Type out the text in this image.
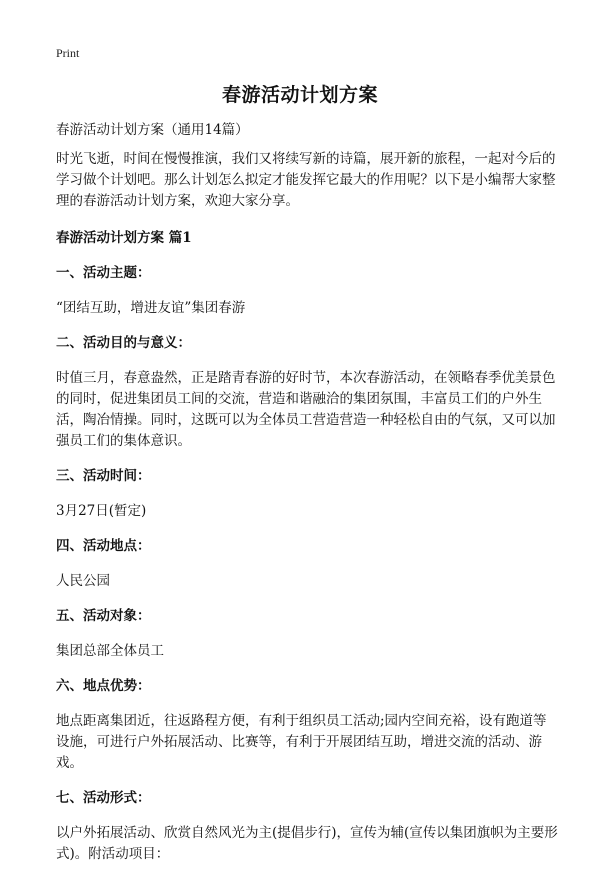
Print
春游活动计划方案

春游活动计划方案（通用14篇）

时光飞逝，时间在慢慢推演，我们又将续写新的诗篇，展开新的旅程，一起对今后的学习做个计划吧。那么计划怎么拟定才能发挥它最大的作用呢？以下是小编帮大家整理的春游活动计划方案，欢迎大家分享。

春游活动计划方案 篇1

一、活动主题：

“团结互助，增进友谊”集团春游

二、活动目的与意义：

时值三月，春意盎然，正是踏青春游的好时节，本次春游活动，在领略春季优美景色的同时，促进集团员工间的交流，营造和谐融洽的集团氛围，丰富员工们的户外生活，陶冶情操。同时，这既可以为全体员工营造营造一种轻松自由的气氛，又可以加强员工们的集体意识。

三、活动时间：

3月27日(暂定)

四、活动地点：

人民公园

五、活动对象：

集团总部全体员工

六、地点优势：

地点距离集团近，往返路程方便，有利于组织员工活动;园内空间充裕，设有跑道等设施，可进行户外拓展活动、比赛等，有利于开展团结互助，增进交流的活动、游戏。

七、活动形式：

以户外拓展活动、欣赏自然风光为主(提倡步行)，宣传为辅(宣传以集团旗帜为主要形式)。附活动项目：
